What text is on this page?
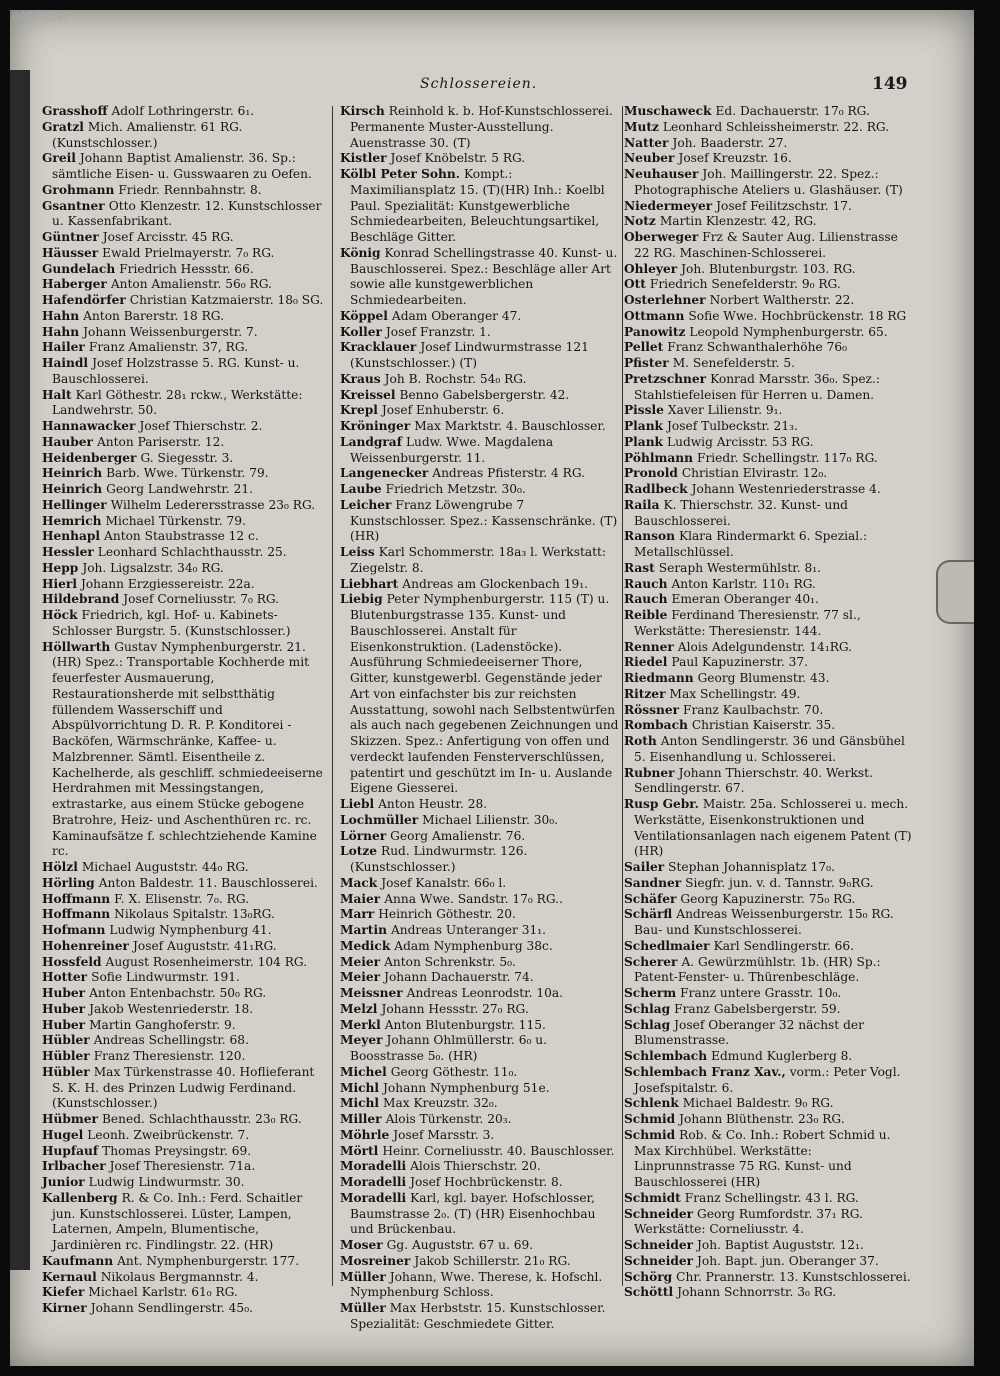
00096547
Schlossereien.	149
Grasshoff Adolf Lothringerstr. 6₁.
Gratzl Mich. Amalienstr. 61 RG. (Kunstschlosser.)
Greil Johann Baptist Amalienstr. 36. Sp.: sämtliche Eisen- u. Gusswaaren zu Oefen.
Grohmann Friedr. Rennbahnstr. 8.
Gsantner Otto Klenzestr. 12. Kunstschlosser u. Kassenfabrikant.
Güntner Josef Arcisstr. 45 RG.
Häusser Ewald Prielmayerstr. 7₀ RG.
Gundelach Friedrich Hessstr. 66.
Haberger Anton Amalienstr. 56₀ RG.
Hafendörfer Christian Katzmaierstr. 18₀ SG.
Hahn Anton Barerstr. 18 RG.
Hahn Johann Weissenburgerstr. 7.
Hailer Franz Amalienstr. 37, RG.
Haindl Josef Holzstrasse 5. RG. Kunst- u. Bauschlosserei.
Halt Karl Göthestr. 28₁ rckw., Werkstätte: Landwehrstr. 50.
Hannawacker Josef Thierschstr. 2.
Hauber Anton Pariserstr. 12.
Heidenberger G. Siegesstr. 3.
Heinrich Barb. Wwe. Türkenstr. 79.
Heinrich Georg Landwehrstr. 21.
Hellinger Wilhelm Lederersstrasse 23₀ RG.
Hemrich Michael Türkenstr. 79.
Henhapl Anton Staubstrasse 12 c.
Hessler Leonhard Schlachthausstr. 25.
Hepp Joh. Ligsalzstr. 34₀ RG.
Hierl Johann Erzgiessereistr. 22a.
Hildebrand Josef Corneliusstr. 7₀ RG.
Höck Friedrich, kgl. Hof- u. Kabinets-Schlosser Burgstr. 5. (Kunstschlosser.)
Höllwarth Gustav Nymphenburgerstr. 21. (HR) Spez.: Transportable Kochherde mit feuerfester Ausmauerung, Restaurationsherde mit selbstthätig füllendem Wasserschiff und Abspülvorrichtung D. R. P. Konditorei - Backöfen, Wärmschränke, Kaffee- u. Malzbrenner. Sämtl. Eisentheile z. Kachelherde, als geschliff. schmiedeeiserne Herdrahmen mit Messingstangen, extrastarke, aus einem Stücke gebogene Bratrohre, Heiz- und Aschenthüren rc. rc. Kaminaufsätze f. schlechtziehende Kamine rc.
Hölzl Michael Auguststr. 44₀ RG.
Hörling Anton Baldestr. 11. Bauschlosserei.
Hoffmann F. X. Elisenstr. 7₀. RG.
Hoffmann Nikolaus Spitalstr. 13₀RG.
Hofmann Ludwig Nymphenburg 41.
Hohenreiner Josef Auguststr. 41₁RG.
Hossfeld August Rosenheimerstr. 104 RG.
Hotter Sofie Lindwurmstr. 191.
Huber Anton Entenbachstr. 50₀ RG.
Huber Jakob Westenriederstr. 18.
Huber Martin Ganghoferstr. 9.
Hübler Andreas Schellingstr. 68.
Hübler Franz Theresienstr. 120.
Hübler Max Türkenstrasse 40. Hoflieferant S. K. H. des Prinzen Ludwig Ferdinand. (Kunstschlosser.)
Hübmer Bened. Schlachthausstr. 23₀ RG.
Hugel Leonh. Zweibrückenstr. 7.
Hupfauf Thomas Preysingstr. 69.
Irlbacher Josef Theresienstr. 71a.
Junior Ludwig Lindwurmstr. 30.
Kallenberg R. & Co. Inh.: Ferd. Schaitler jun. Kunstschlosserei. Lüster, Lampen, Laternen, Ampeln, Blumentische, Jardinièren rc. Findlingstr. 22. (HR)
Kaufmann Ant. Nymphenburgerstr. 177.
Kernaul Nikolaus Bergmannstr. 4.
Kiefer Michael Karlstr. 61₀ RG.
Kirner Johann Sendlingerstr. 45₀.
Kirsch Reinhold k. b. Hof-Kunstschlosserei. Permanente Muster-Ausstellung. Auenstrasse 30. (T)
Kistler Josef Knöbelstr. 5 RG.
Kölbl Peter Sohn. Kompt.: Maximiliansplatz 15. (T)(HR) Inh.: Koelbl Paul. Spezialität: Kunstgewerbliche Schmiedearbeiten, Beleuchtungsartikel, Beschläge Gitter.
König Konrad Schellingstrasse 40. Kunst- u. Bauschlosserei. Spez.: Beschläge aller Art sowie alle kunstgewerblichen Schmiedearbeiten.
Köppel Adam Oberanger 47.
Koller Josef Franzstr. 1.
Kracklauer Josef Lindwurmstrasse 121 (Kunstschlosser.) (T)
Kraus Joh B. Rochstr. 54₀ RG.
Kreissel Benno Gabelsbergerstr. 42.
Krepl Josef Enhuberstr. 6.
Kröninger Max Marktstr. 4. Bauschlosser.
Landgraf Ludw. Wwe. Magdalena Weissenburgerstr. 11.
Langenecker Andreas Pfisterstr. 4 RG.
Laube Friedrich Metzstr. 30₀.
Leicher Franz Löwengrube 7 Kunstschlosser. Spez.: Kassenschränke. (T) (HR)
Leiss Karl Schommerstr. 18a₃ l. Werkstatt: Ziegelstr. 8.
Liebhart Andreas am Glockenbach 19₁.
Liebig Peter Nymphenburgerstr. 115 (T) u. Blutenburgstrasse 135. Kunst- und Bauschlosserei. Anstalt für Eisenkonstruktion. (Ladenstöcke). Ausführung Schmiedeeiserner Thore, Gitter, kunstgewerbl. Gegenstände jeder Art von einfachster bis zur reichsten Ausstattung, sowohl nach Selbstentwürfen als auch nach gegebenen Zeichnungen und Skizzen. Spez.: Anfertigung von offen und verdeckt laufenden Fensterverschlüssen, patentirt und geschützt im In- u. Auslande Eigene Giesserei.
Liebl Anton Heustr. 28.
Lochmüller Michael Lilienstr. 30₀.
Lörner Georg Amalienstr. 76.
Lotze Rud. Lindwurmstr. 126. (Kunstschlosser.)
Mack Josef Kanalstr. 66₀ l.
Maier Anna Wwe. Sandstr. 17₀ RG..
Marr Heinrich Göthestr. 20.
Martin Andreas Unteranger 31₁.
Medick Adam Nymphenburg 38c.
Meier Anton Schrenkstr. 5₀.
Meier Johann Dachauerstr. 74.
Meissner Andreas Leonrodstr. 10a.
Melzl Johann Hessstr. 27₀ RG.
Merkl Anton Blutenburgstr. 115.
Meyer Johann Ohlmüllerstr. 6₀ u. Boosstrasse 5₀. (HR)
Michel Georg Göthestr. 11₀.
Michl Johann Nymphenburg 51e.
Michl Max Kreuzstr. 32₀.
Miller Alois Türkenstr. 20₃.
Möhrle Josef Marsstr. 3.
Mörtl Heinr. Corneliusstr. 40. Bauschlosser.
Moradelli Alois Thierschstr. 20.
Moradelli Josef Hochbrückenstr. 8.
Moradelli Karl, kgl. bayer. Hofschlosser, Baumstrasse 2₀. (T) (HR) Eisenhochbau und Brückenbau.
Moser Gg. Auguststr. 67 u. 69.
Mosreiner Jakob Schillerstr. 21₀ RG.
Müller Johann, Wwe. Therese, k. Hofschl. Nymphenburg Schloss.
Müller Max Herbststr. 15. Kunstschlosser. Spezialität: Geschmiedete Gitter.
Muschaweck Ed. Dachauerstr. 17₀ RG.
Mutz Leonhard Schleissheimerstr. 22. RG.
Natter Joh. Baaderstr. 27.
Neuber Josef Kreuzstr. 16.
Neuhauser Joh. Maillingerstr. 22. Spez.: Photographische Ateliers u. Glashäuser. (T)
Niedermeyer Josef Feilitzschstr. 17.
Notz Martin Klenzestr. 42, RG.
Oberweger Frz & Sauter Aug. Lilienstrasse 22 RG. Maschinen-Schlosserei.
Ohleyer Joh. Blutenburgstr. 103. RG.
Ott Friedrich Senefelderstr. 9₀ RG.
Osterlehner Norbert Waltherstr. 22.
Ottmann Sofie Wwe. Hochbrückenstr. 18 RG
Panowitz Leopold Nymphenburgerstr. 65.
Pellet Franz Schwanthalerhöhe 76₀
Pfister M. Senefelderstr. 5.
Pretzschner Konrad Marsstr. 36₀. Spez.: Stahlstiefeleisen für Herren u. Damen.
Pissle Xaver Lilienstr. 9₁.
Plank Josef Tulbeckstr. 21₃.
Plank Ludwig Arcisstr. 53 RG.
Pöhlmann Friedr. Schellingstr. 117₀ RG.
Pronold Christian Elvirastr. 12₀.
Radlbeck Johann Westenriederstrasse 4.
Raila K. Thierschstr. 32. Kunst- und Bauschlosserei.
Ranson Klara Rindermarkt 6. Spezial.: Metallschlüssel.
Rast Seraph Westermühlstr. 8₁.
Rauch Anton Karlstr. 110₁ RG.
Rauch Emeran Oberanger 40₁.
Reible Ferdinand Theresienstr. 77 sl., Werkstätte: Theresienstr. 144.
Renner Alois Adelgundenstr. 14₁RG.
Riedel Paul Kapuzinerstr. 37.
Riedmann Georg Blumenstr. 43.
Ritzer Max Schellingstr. 49.
Rössner Franz Kaulbachstr. 70.
Rombach Christian Kaiserstr. 35.
Roth Anton Sendlingerstr. 36 und Gänsbühel 5. Eisenhandlung u. Schlosserei.
Rubner Johann Thierschstr. 40. Werkst. Sendlingerstr. 67.
Rusp Gebr. Maistr. 25a. Schlosserei u. mech. Werkstätte, Eisenkonstruktionen und Ventilationsanlagen nach eigenem Patent (T) (HR)
Sailer Stephan Johannisplatz 17₀.
Sandner Siegfr. jun. v. d. Tannstr. 9₀RG.
Schäfer Georg Kapuzinerstr. 75₀ RG.
Schärfl Andreas Weissenburgerstr. 15₀ RG. Bau- und Kunstschlosserei.
Schedlmaier Karl Sendlingerstr. 66.
Scherer A. Gewürzmühlstr. 1b. (HR) Sp.: Patent-Fenster- u. Thürenbeschläge.
Scherm Franz untere Grasstr. 10₀.
Schlag Franz Gabelsbergerstr. 59.
Schlag Josef Oberanger 32 nächst der Blumenstrasse.
Schlembach Edmund Kuglerberg 8.
Schlembach Franz Xav., vorm.: Peter Vogl. Josefspitalstr. 6.
Schlenk Michael Baldestr. 9₀ RG.
Schmid Johann Blüthenstr. 23₀ RG.
Schmid Rob. & Co. Inh.: Robert Schmid u. Max Kirchhübel. Werkstätte: Linprunnstrasse 75 RG. Kunst- und Bauschlosserei (HR)
Schmidt Franz Schellingstr. 43 l. RG.
Schneider Georg Rumfordstr. 37₁ RG. Werkstätte: Corneliusstr. 4.
Schneider Joh. Baptist Auguststr. 12₁.
Schneider Joh. Bapt. jun. Oberanger 37.
Schörg Chr. Prannerstr. 13. Kunstschlosserei.
Schöttl Johann Schnorrstr. 3₀ RG.
